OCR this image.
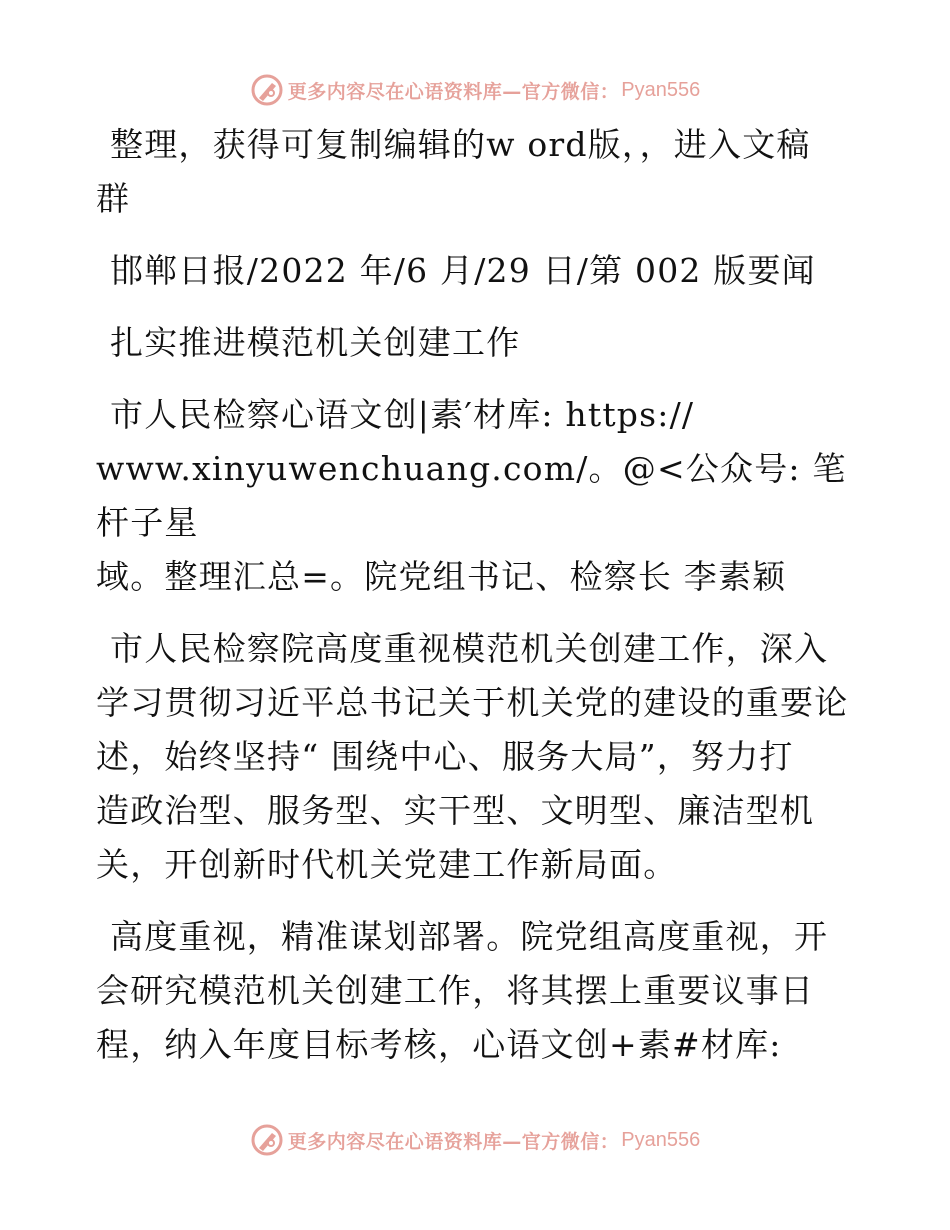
更多内容尽在心语资料库—官方微信： Pyan556

整理，获得可复制编辑的w ord版，，进入文稿
群

邯郸日报/2022 年/6 月/29 日/第 002 版要闻

扎实推进模范机关创建工作

市人民检察心语文创|素′材库: https://
www.xinyuwenchuang.com/。@<公众号: 笔杆子星
域。整理汇总=。院党组书记、检察长 李素颖

市人民检察院高度重视模范机关创建工作，深入
学习贯彻习近平总书记关于机关党的建设的重要论
述，始终坚持“ 围绕中心、服务大局”，努力打
造政治型、服务型、实干型、文明型、廉洁型机
关，开创新时代机关党建工作新局面。

高度重视，精准谋划部署。院党组高度重视，开
会研究模范机关创建工作，将其摆上重要议事日
程，纳入年度目标考核，心语文创+素#材库:

更多内容尽在心语资料库—官方微信： Pyan556
